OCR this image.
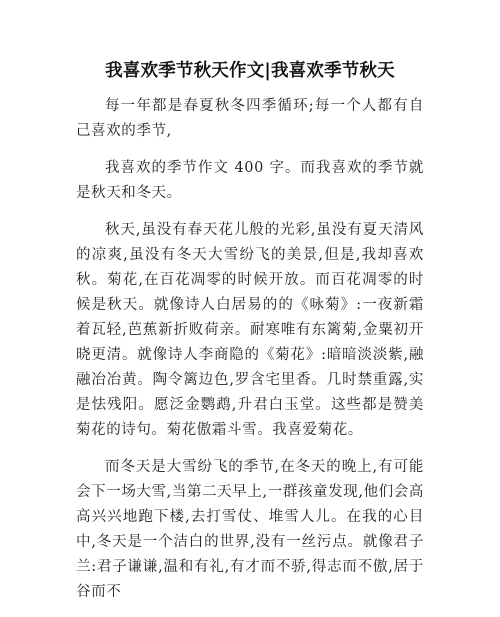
我喜欢季节秋天作文|我喜欢季节秋天

每一年都是春夏秋冬四季循环;每一个人都有自己喜欢的季节,

我喜欢的季节作文 400 字。而我喜欢的季节就是秋天和冬天。

秋天,虽没有春天花儿般的光彩,虽没有夏天清风的凉爽,虽没有冬天大雪纷飞的美景,但是,我却喜欢秋。菊花,在百花凋零的时候开放。而百花凋零的时候是秋天。就像诗人白居易的的《咏菊》:一夜新霜着瓦轻,芭蕉新折败荷亲。耐寒唯有东篱菊,金粟初开晓更清。就像诗人李商隐的《菊花》:暗暗淡淡紫,融融冶冶黄。陶令篱边色,罗含宅里香。几时禁重露,实是怯残阳。愿泛金鹦鹉,升君白玉堂。这些都是赞美菊花的诗句。菊花傲霜斗雪。我喜爱菊花。

而冬天是大雪纷飞的季节,在冬天的晚上,有可能会下一场大雪,当第二天早上,一群孩童发现,他们会高高兴兴地跑下楼,去打雪仗、堆雪人儿。在我的心目中,冬天是一个洁白的世界,没有一丝污点。就像君子兰:君子谦谦,温和有礼,有才而不骄,得志而不傲,居于谷而不
